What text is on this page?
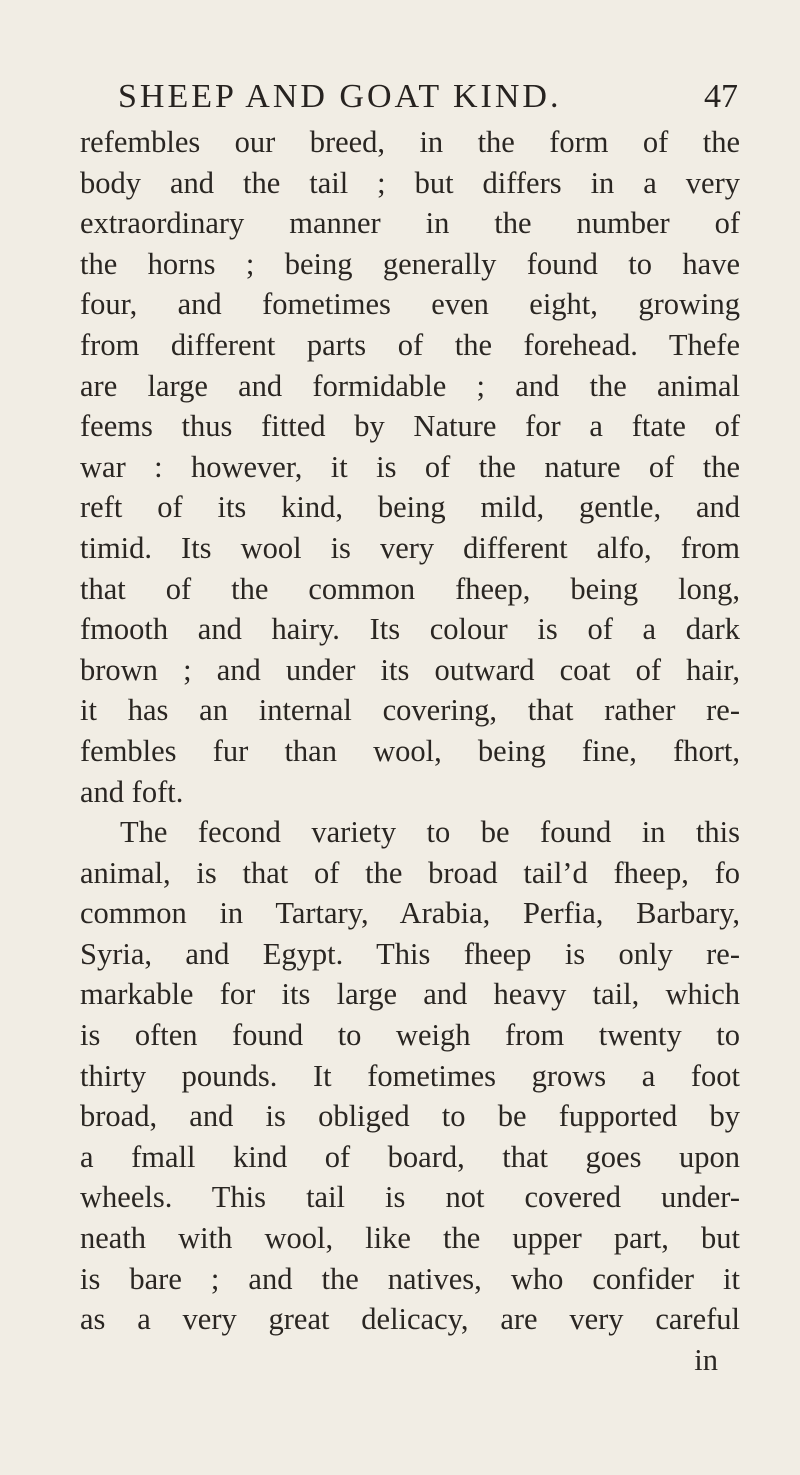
SHEEP AND GOAT KIND.	47
refembles our breed, in the form of the
body and the tail ; but differs in a very
extraordinary manner in the number of
the horns ; being generally found to have
four, and fometimes even eight, growing
from different parts of the forehead. Thefe
are large and formidable ; and the animal
feems thus fitted by Nature for a ftate of
war : however, it is of the nature of the
reft of its kind, being mild, gentle, and
timid. Its wool is very different alfo, from
that of the common fheep, being long,
fmooth and hairy. Its colour is of a dark
brown ; and under its outward coat of hair,
it has an internal covering, that rather re-
fembles fur than wool, being fine, fhort,
and foft.
The fecond variety to be found in this
animal, is that of the broad tail’d fheep, fo
common in Tartary, Arabia, Perfia, Barbary,
Syria, and Egypt. This fheep is only re-
markable for its large and heavy tail, which
is often found to weigh from twenty to
thirty pounds. It fometimes grows a foot
broad, and is obliged to be fupported by
a fmall kind of board, that goes upon
wheels. This tail is not covered under-
neath with wool, like the upper part, but
is bare ; and the natives, who confider it
as a very great delicacy, are very careful
in
